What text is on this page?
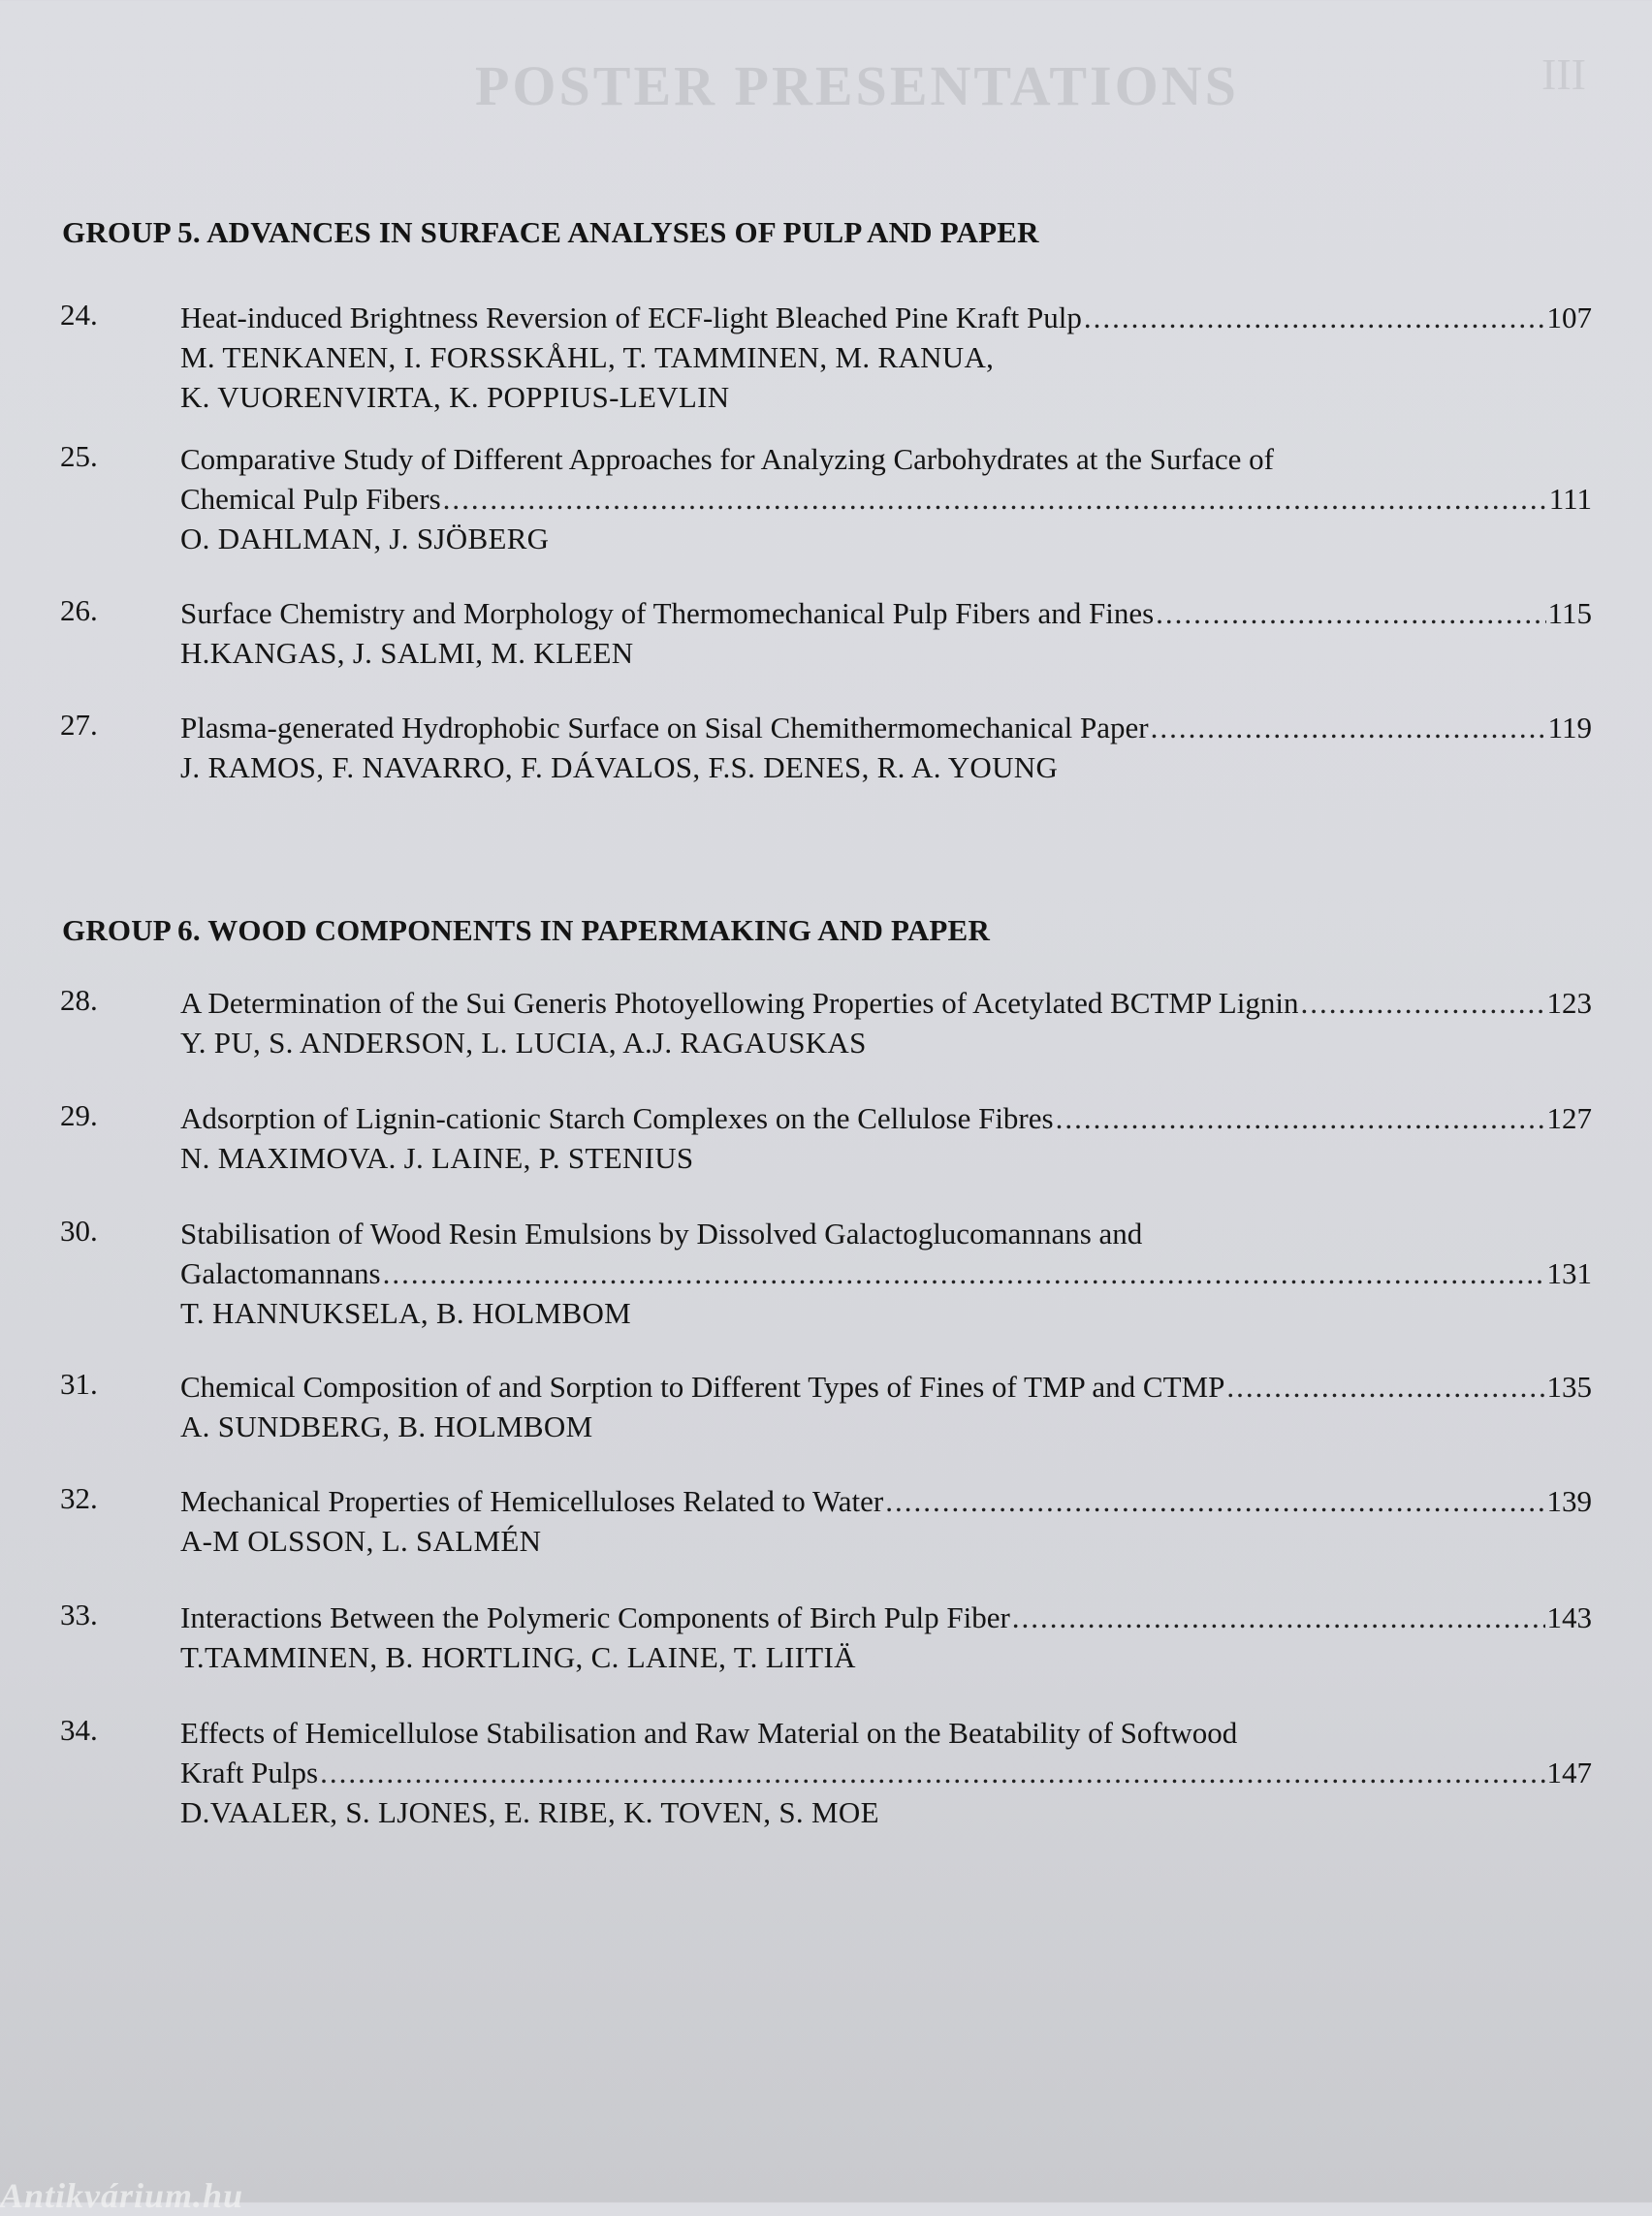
POSTER PRESENTATIONS	III
GROUP 5. ADVANCES IN SURFACE ANALYSES OF PULP AND PAPER
24.	Heat-induced Brightness Reversion of ECF-light Bleached Pine Kraft Pulp .....	107
M. TENKANEN, I. FORSSKÅHL, T. TAMMINEN, M. RANUA,
K. VUORENVIRTA, K. POPPIUS-LEVLIN
25.	Comparative Study of Different Approaches for Analyzing Carbohydrates at the Surface of
Chemical Pulp Fibers .....	111
O. DAHLMAN, J. SJÖBERG
26.	Surface Chemistry and Morphology of Thermomechanical Pulp Fibers and Fines .....	115
H.KANGAS, J. SALMI, M. KLEEN
27.	Plasma-generated Hydrophobic Surface on Sisal Chemithermomechanical Paper .....	119
J. RAMOS, F. NAVARRO, F. DÁVALOS, F.S. DENES, R. A. YOUNG
GROUP 6. WOOD COMPONENTS IN PAPERMAKING AND PAPER
28.	A Determination of the Sui Generis Photoyellowing Properties of Acetylated BCTMP Lignin .....	123
Y. PU, S. ANDERSON, L. LUCIA, A.J. RAGAUSKAS
29.	Adsorption of Lignin-cationic Starch Complexes on the Cellulose Fibres .....	127
N. MAXIMOVA. J. LAINE, P. STENIUS
30.	Stabilisation of Wood Resin Emulsions by Dissolved Galactoglucomannans and
Galactomannans .....	131
T. HANNUKSELA, B. HOLMBOM
31.	Chemical Composition of and Sorption to Different Types of Fines of TMP and CTMP .....	135
A. SUNDBERG, B. HOLMBOM
32.	Mechanical Properties of Hemicelluloses Related to Water .....	139
A-M OLSSON, L. SALMÉN
33.	Interactions Between the Polymeric Components of Birch Pulp Fiber .....	143
T.TAMMINEN, B. HORTLING, C. LAINE, T. LIITIÄ
34.	Effects of Hemicellulose Stabilisation and Raw Material on the Beatability of Softwood
Kraft Pulps .....	147
D.VAALER, S. LJONES, E. RIBE, K. TOVEN, S. MOE
Antikvárium.hu
